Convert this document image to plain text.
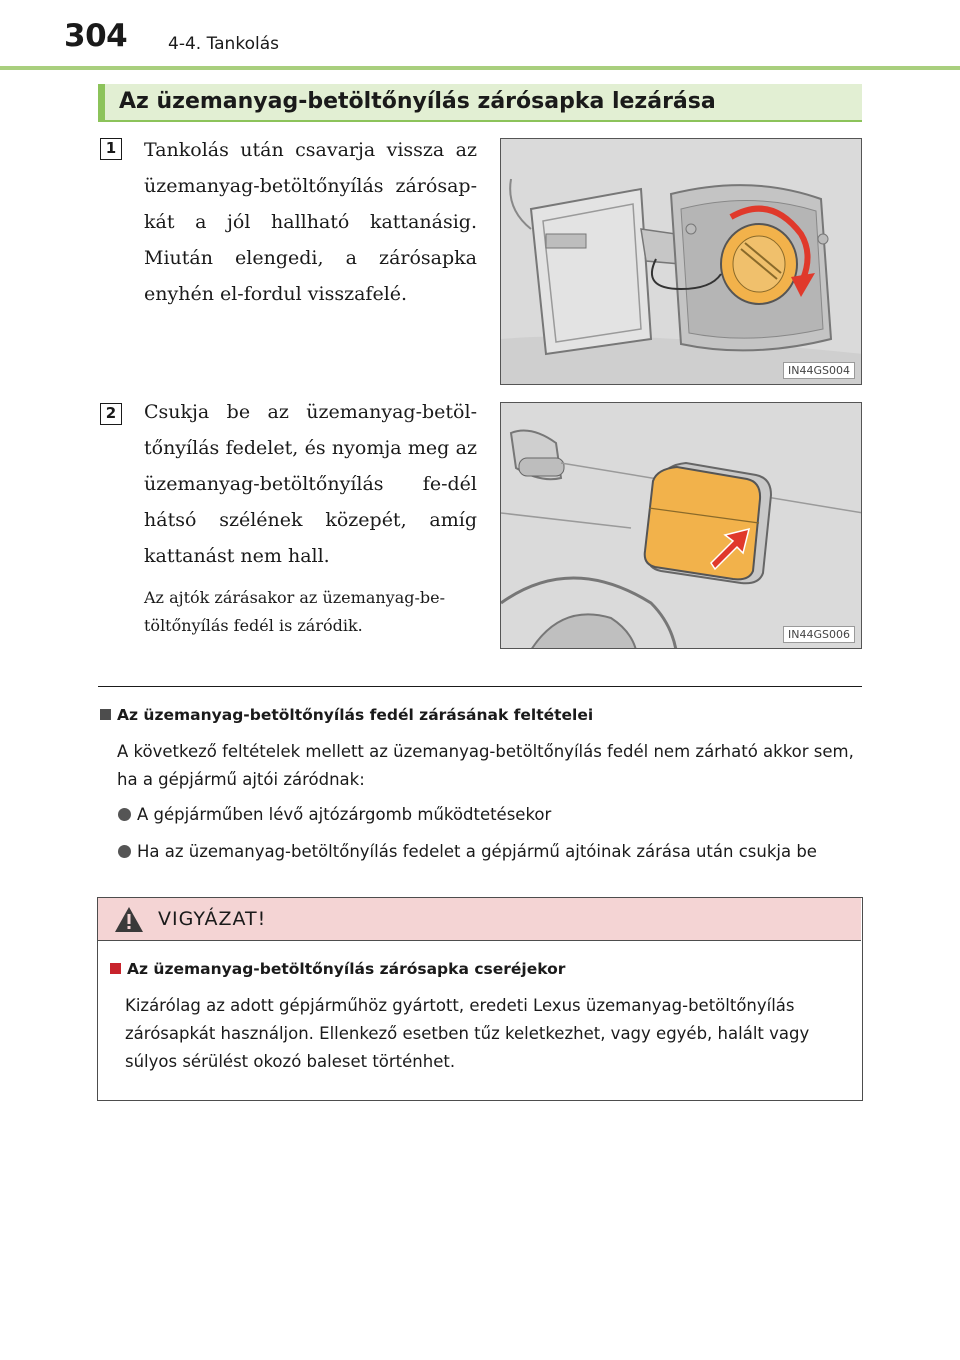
304 4-4. Tankolás
Az üzemanyag-betöltőnyílás zárósapka lezárása
1	Tankolás után csavarja vissza az üzemanyag-betöltőnyílás zárósap-kát a jól hallható kattanásig. Miután elengedi, a zárósapka enyhén el-fordul visszafelé.
IN44GS004
2	Csukja be az üzemanyag-betöl-tőnyílás fedelet, és nyomja meg az üzemanyag-betöltőnyílás fe-dél hátsó szélének közepét, amíg kattanást nem hall.
Az ajtók zárásakor az üzemanyag-be-töltőnyílás fedél is záródik.	IN44GS006
Az üzemanyag-betöltőnyílás fedél zárásának feltételei
A következő feltételek mellett az üzemanyag-betöltőnyílás fedél nem zárható akkor sem, ha a gépjármű ajtói záródnak:
A gépjárműben lévő ajtózárgomb működtetésekor
Ha az üzemanyag-betöltőnyílás fedelet a gépjármű ajtóinak zárása után csukja be
VIGYÁZAT!
Az üzemanyag-betöltőnyílás zárósapka cseréjekor
Kizárólag az adott gépjárműhöz gyártott, eredeti Lexus üzemanyag-betöltőnyílás zárósapkát használjon. Ellenkező esetben tűz keletkezhet, vagy egyéb, halált vagy súlyos sérülést okozó baleset történhet.
